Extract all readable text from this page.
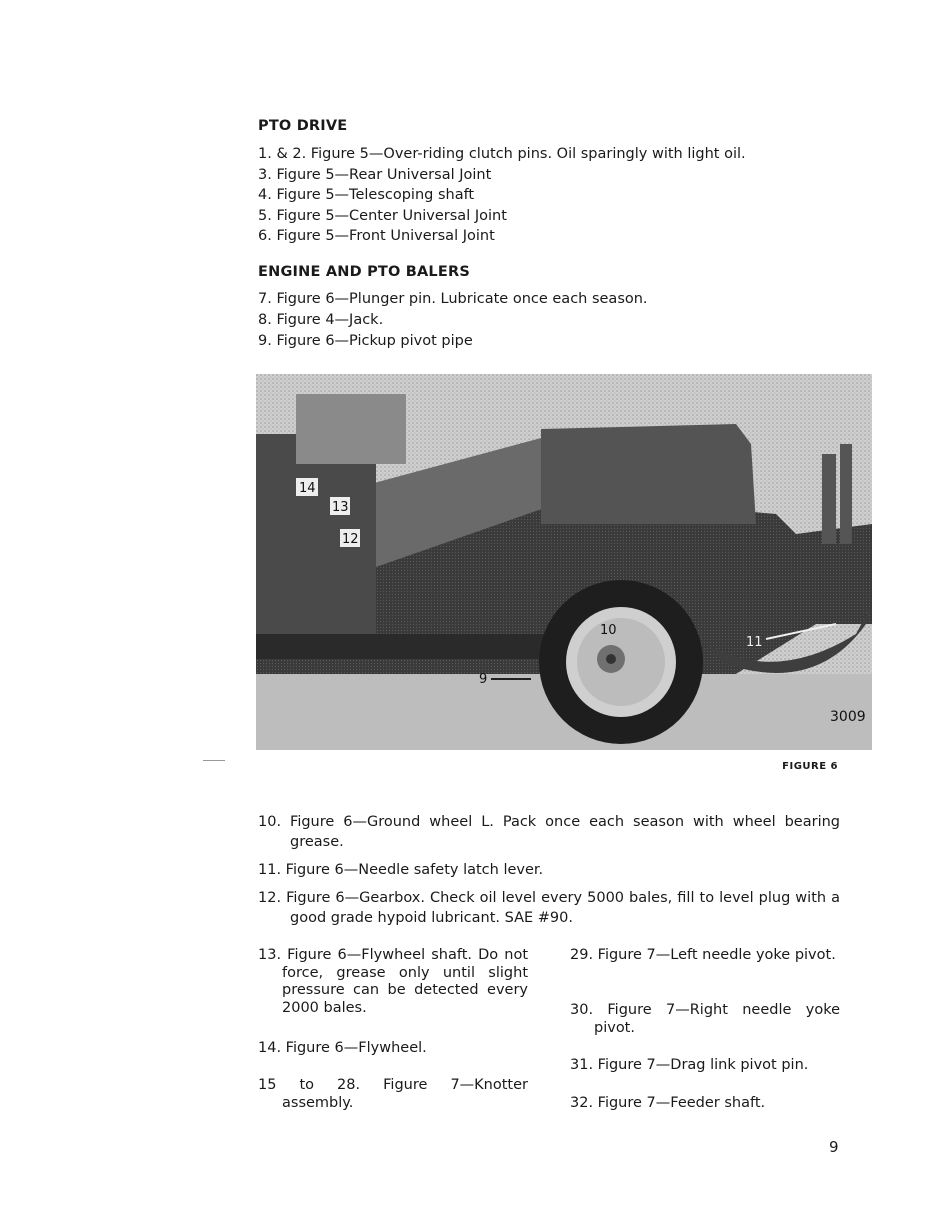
PTO DRIVE
1. & 2. Figure 5—Over-riding clutch pins. Oil sparingly with light oil.
3. Figure 5—Rear Universal Joint
4. Figure 5—Telescoping shaft
5. Figure 5—Center Universal Joint
6. Figure 5—Front Universal Joint
ENGINE AND PTO BALERS
7. Figure 6—Plunger pin. Lubricate once each season.
8. Figure 4—Jack.
9. Figure 6—Pickup pivot pipe
14
13
12
10
11
9
3009
FIGURE 6
10. Figure 6—Ground wheel L. Pack once each season with wheel bearing grease.
11. Figure 6—Needle safety latch lever.
12. Figure 6—Gearbox. Check oil level every 5000 bales, fill to level plug with a good grade hypoid lubricant. SAE #90.
13. Figure 6—Flywheel shaft. Do not force, grease only until slight pressure can be detected every 2000 bales.
14. Figure 6—Flywheel.
15 to 28. Figure 7—Knotter assembly.
29. Figure 7—Left needle yoke pivot.
30. Figure 7—Right needle yoke pivot.
31. Figure 7—Drag link pivot pin.
32. Figure 7—Feeder shaft.
9
